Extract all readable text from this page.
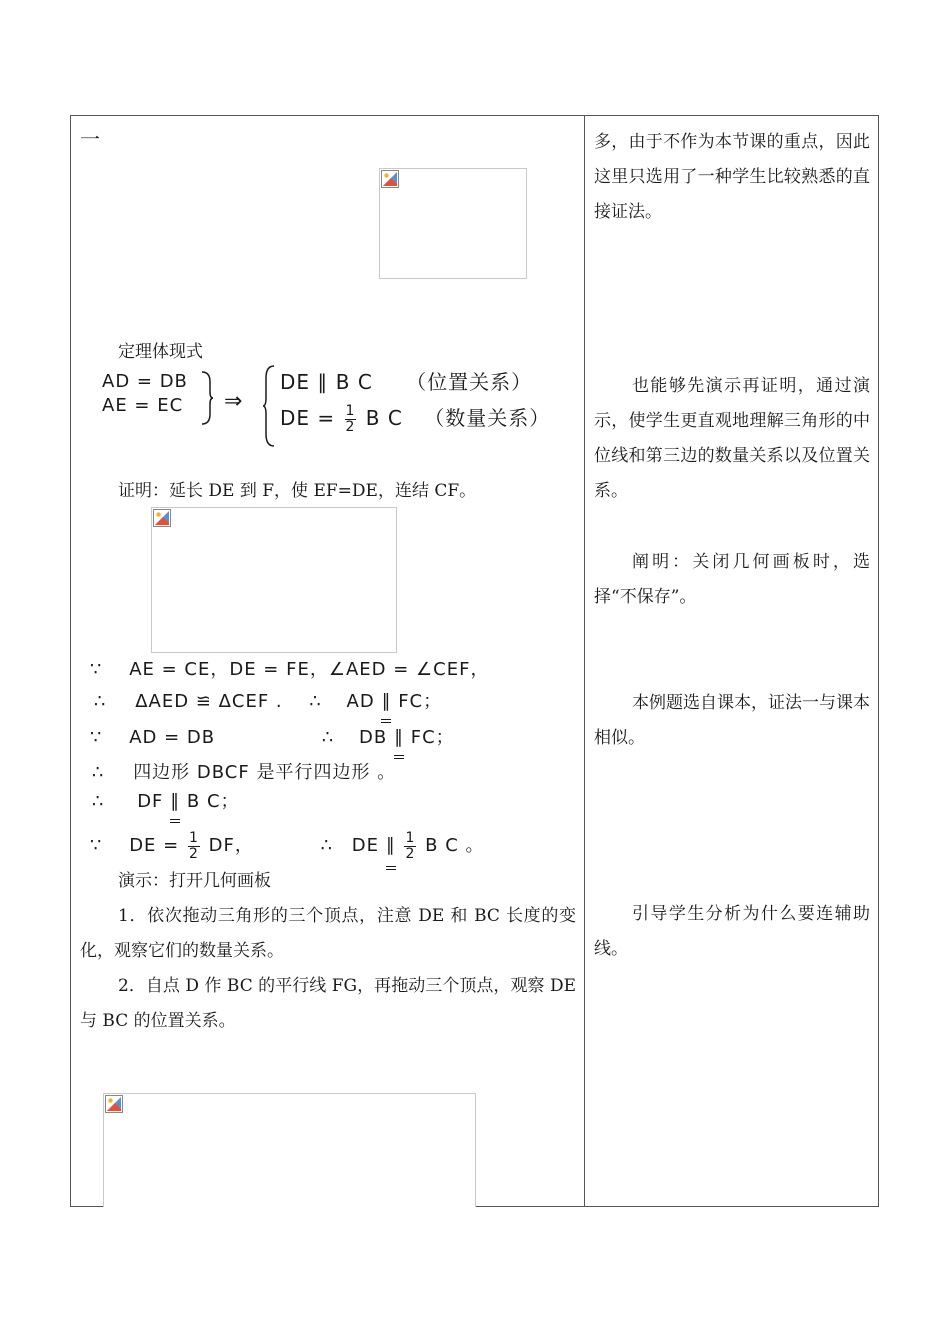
一
定理体现式
AD = DB
AE = EC ⇒
DE ∥ B C （位置关系）
DE = $\frac{1}{2}$ B C （数量关系）
证明：延长 DE 到 F，使 EF=DE，连结 CF。
∵ AE = CE，DE = FE，∠AED = ∠CEF，
∴ ΔAED ≌ ΔCEF . ∴ AD ∥ FC；
∵ AD = DB	∴ DB ∥ FC；
∴ 四边形 DBCF 是平行四边形 。
∴ DF ∥ B C；
∵ DE = $\frac{1}{2}$ DF，	∴ DE ∥
$\frac{1}{2}$ B C 。
演示：打开几何画板
1．依次拖动三角形的三个顶点，注意 DE 和 BC 长度的变化，观察它们的数量关系。
2．自点 D 作 BC 的平行线 FG，再拖动三个顶点，观察 DE 与 BC 的位置关系。
多，由于不作为本节课的重点，因此这里只选用了一种学生比较熟悉的直接证法。
也能够先演示再证明，通过演示，使学生更直观地理解三角形的中位线和第三边的数量关系以及位置关系。
阐明：关闭几何画板时，选择“不保存”。
本例题选自课本，证法一与课本相似。
引导学生分析为什么要连辅助线。
